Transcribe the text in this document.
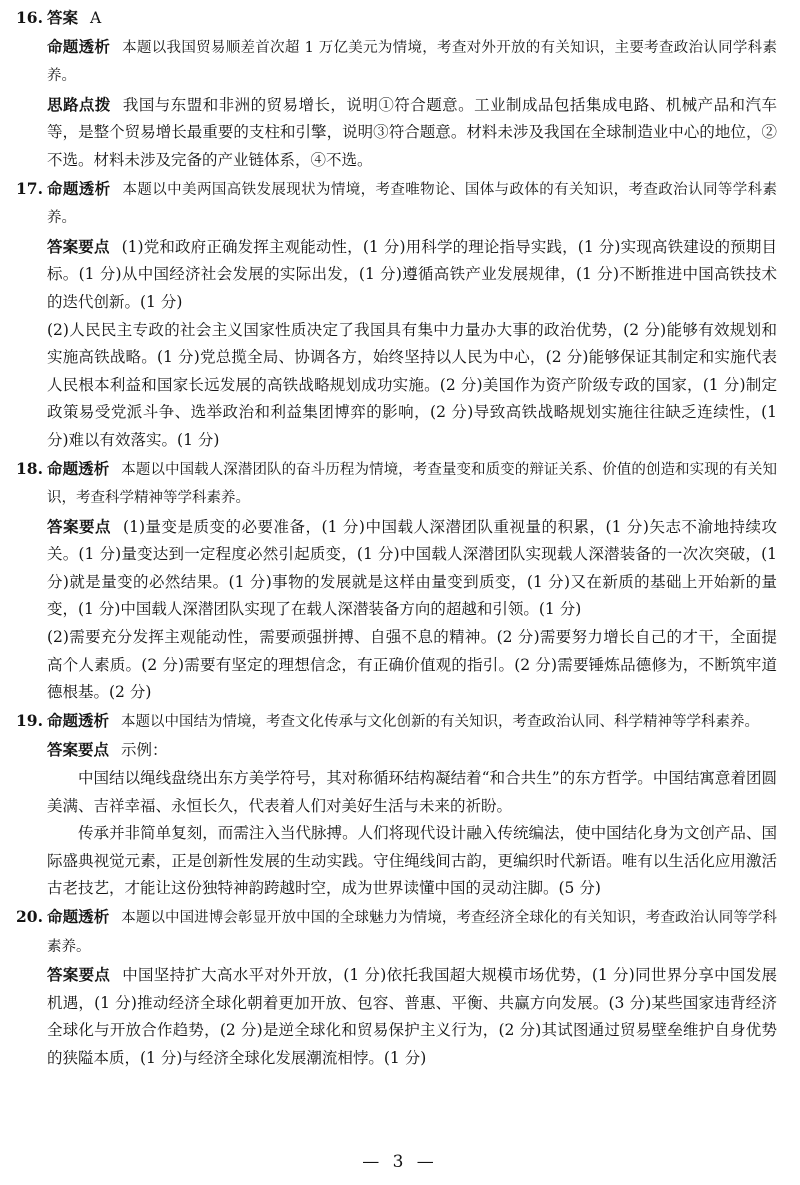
16. 答案 A

命题透析 本题以我国贸易顺差首次超 1 万亿美元为情境，考查对外开放的有关知识，主要考查政治认同学科素养。

思路点拨 我国与东盟和非洲的贸易增长，说明①符合题意。工业制成品包括集成电路、机械产品和汽车等，是整个贸易增长最重要的支柱和引擎，说明③符合题意。材料未涉及我国在全球制造业中心的地位，②不选。材料未涉及完备的产业链体系，④不选。

17. 命题透析 本题以中美两国高铁发展现状为情境，考查唯物论、国体与政体的有关知识，考查政治认同等学科素养。

答案要点 (1)党和政府正确发挥主观能动性，(1 分)用科学的理论指导实践，(1 分)实现高铁建设的预期目标。(1 分)从中国经济社会发展的实际出发，(1 分)遵循高铁产业发展规律，(1 分)不断推进中国高铁技术的迭代创新。(1 分)

(2)人民民主专政的社会主义国家性质决定了我国具有集中力量办大事的政治优势，(2 分)能够有效规划和实施高铁战略。(1 分)党总揽全局、协调各方，始终坚持以人民为中心，(2 分)能够保证其制定和实施代表人民根本利益和国家长远发展的高铁战略规划成功实施。(2 分)美国作为资产阶级专政的国家，(1 分)制定政策易受党派斗争、选举政治和利益集团博弈的影响，(2 分)导致高铁战略规划实施往往缺乏连续性，(1 分)难以有效落实。(1 分)

18. 命题透析 本题以中国载人深潜团队的奋斗历程为情境，考查量变和质变的辩证关系、价值的创造和实现的有关知识，考查科学精神等学科素养。

答案要点 (1)量变是质变的必要准备，(1 分)中国载人深潜团队重视量的积累，(1 分)矢志不渝地持续攻关。(1 分)量变达到一定程度必然引起质变，(1 分)中国载人深潜团队实现载人深潜装备的一次次突破，(1 分)就是量变的必然结果。(1 分)事物的发展就是这样由量变到质变，(1 分)又在新质的基础上开始新的量变，(1 分)中国载人深潜团队实现了在载人深潜装备方向的超越和引领。(1 分)

(2)需要充分发挥主观能动性，需要顽强拼搏、自强不息的精神。(2 分)需要努力增长自己的才干，全面提高个人素质。(2 分)需要有坚定的理想信念，有正确价值观的指引。(2 分)需要锤炼品德修为，不断筑牢道德根基。(2 分)

19. 命题透析 本题以中国结为情境，考查文化传承与文化创新的有关知识，考查政治认同、科学精神等学科素养。

答案要点 示例：

中国结以绳线盘绕出东方美学符号，其对称循环结构凝结着“和合共生”的东方哲学。中国结寓意着团圆美满、吉祥幸福、永恒长久，代表着人们对美好生活与未来的祈盼。

传承并非简单复刻，而需注入当代脉搏。人们将现代设计融入传统编法，使中国结化身为文创产品、国际盛典视觉元素，正是创新性发展的生动实践。守住绳线间古韵，更编织时代新语。唯有以生活化应用激活古老技艺，才能让这份独特神韵跨越时空，成为世界读懂中国的灵动注脚。(5 分)

20. 命题透析 本题以中国进博会彰显开放中国的全球魅力为情境，考查经济全球化的有关知识，考查政治认同等学科素养。

答案要点 中国坚持扩大高水平对外开放，(1 分)依托我国超大规模市场优势，(1 分)同世界分享中国发展机遇，(1 分)推动经济全球化朝着更加开放、包容、普惠、平衡、共赢方向发展。(3 分)某些国家违背经济全球化与开放合作趋势，(2 分)是逆全球化和贸易保护主义行为，(2 分)其试图通过贸易壁垒维护自身优势的狭隘本质，(1 分)与经济全球化发展潮流相悖。(1 分)

— 3 —
